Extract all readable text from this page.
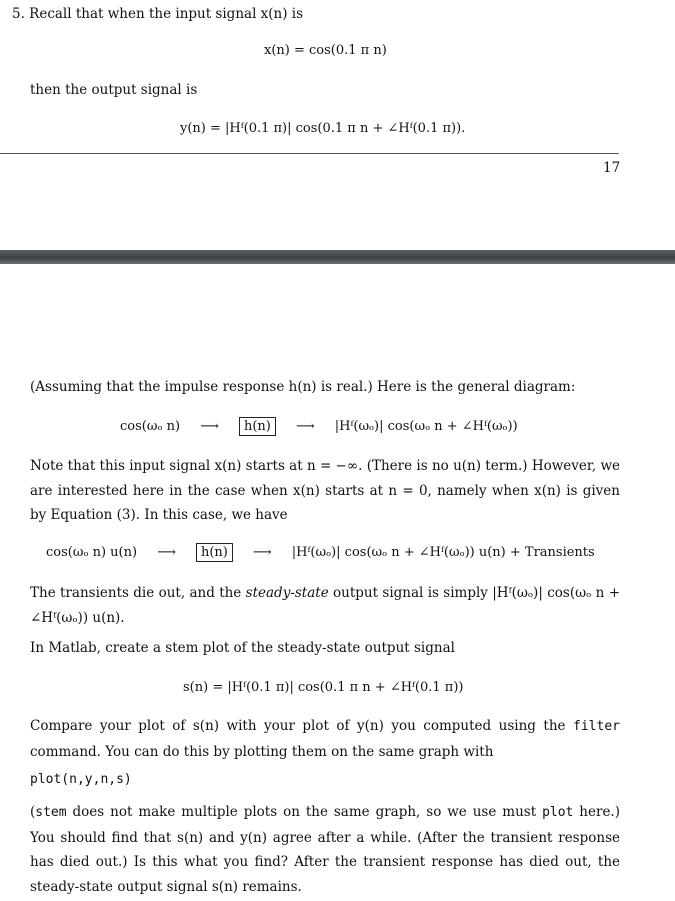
5. Recall that when the input signal x(n) is
x(n) = cos(0.1 π n)
then the output signal is
y(n) = |Hᶠ(0.1 π)| cos(0.1 π n + ∠Hᶠ(0.1 π)).
17
(Assuming that the impulse response h(n) is real.) Here is the general diagram:
cos(ωₒ n) ⟶ h(n) ⟶ |Hᶠ(ωₒ)| cos(ωₒ n + ∠Hᶠ(ωₒ))
Note that this input signal x(n) starts at n = −∞. (There is no u(n) term.) However, we are interested here in the case when x(n) starts at n = 0, namely when x(n) is given by Equation (3). In this case, we have
cos(ωₒ n) u(n) ⟶ h(n) ⟶ |Hᶠ(ωₒ)| cos(ωₒ n + ∠Hᶠ(ωₒ)) u(n) + Transients
The transients die out, and the steady-state output signal is simply |Hᶠ(ωₒ)| cos(ωₒ n + ∠Hᶠ(ωₒ)) u(n).
In Matlab, create a stem plot of the steady-state output signal
s(n) = |Hᶠ(0.1 π)| cos(0.1 π n + ∠Hᶠ(0.1 π))
Compare your plot of s(n) with your plot of y(n) you computed using the filter command. You can do this by plotting them on the same graph with
plot(n,y,n,s)
(stem does not make multiple plots on the same graph, so we use must plot here.) You should find that s(n) and y(n) agree after a while. (After the transient response has died out.) Is this what you find? After the transient response has died out, the steady-state output signal s(n) remains.
